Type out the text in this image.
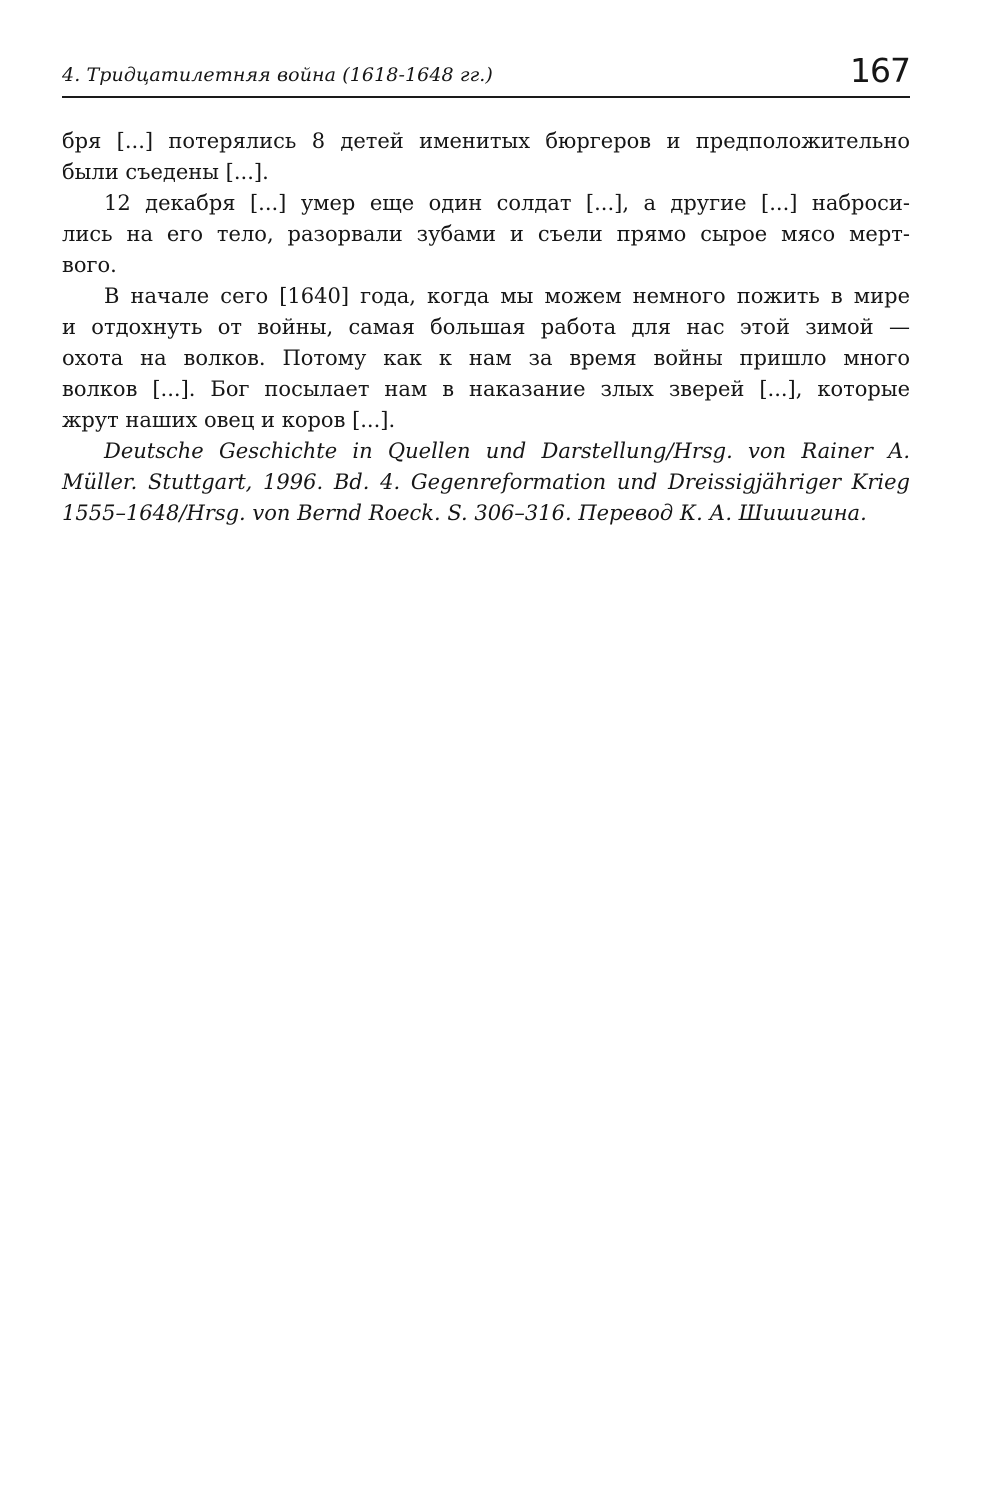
4. Тридцатилетняя война (1618-1648 гг.)	167

бря [...] потерялись 8 детей именитых бюргеров и предположительно
были съедены [...].

12 декабря [...] умер еще один солдат [...], а другие [...] наброси-
лись на его тело, разорвали зубами и съели прямо сырое мясо мерт-
вого.

В начале сего [1640] года, когда мы можем немного пожить в мире
и отдохнуть от войны, самая большая работа для нас этой зимой —
охота на волков. Потому как к нам за время войны пришло много
волков [...]. Бог посылает нам в наказание злых зверей [...], которые
жрут наших овец и коров [...].

Deutsche Geschichte in Quellen und Darstellung/Hrsg. von Rainer A.
Müller. Stuttgart, 1996. Bd. 4. Gegenreformation und Dreissigjähriger Krieg
1555–1648/Hrsg. von Bernd Roeck. S. 306–316. Перевод К. А. Шишигина.
